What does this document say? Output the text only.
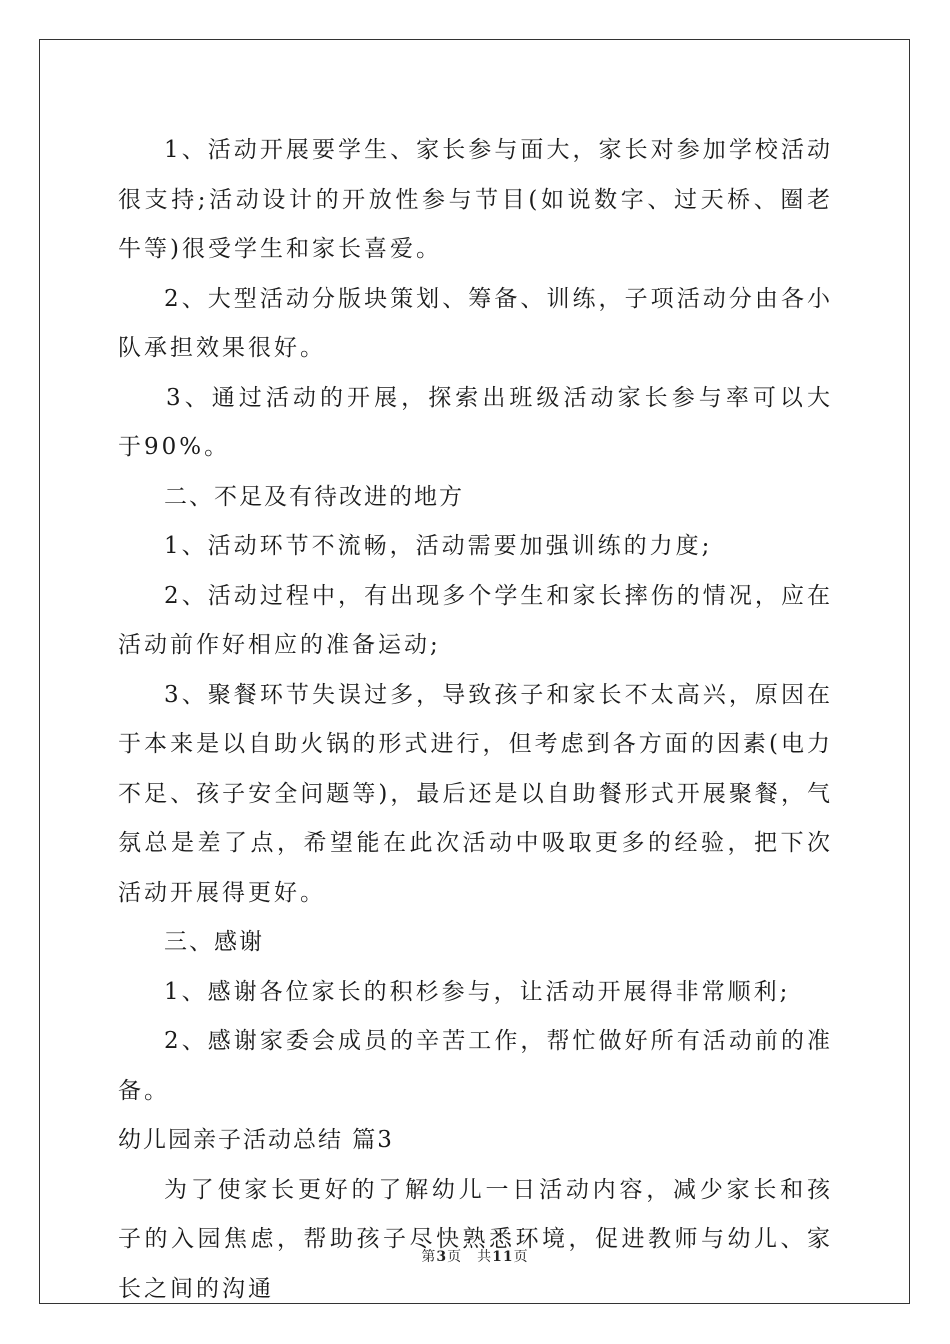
1、活动开展要学生、家长参与面大，家长对参加学校活动很支持;活动设计的开放性参与节目(如说数字、过天桥、圈老牛等)很受学生和家长喜爱。

2、大型活动分版块策划、筹备、训练，子项活动分由各小队承担效果很好。

3、通过活动的开展，探索出班级活动家长参与率可以大于90%。

二、不足及有待改进的地方

1、活动环节不流畅，活动需要加强训练的力度;

2、活动过程中，有出现多个学生和家长摔伤的情况，应在活动前作好相应的准备运动;

3、聚餐环节失误过多，导致孩子和家长不太高兴，原因在于本来是以自助火锅的形式进行，但考虑到各方面的因素(电力不足、孩子安全问题等)，最后还是以自助餐形式开展聚餐，气氛总是差了点，希望能在此次活动中吸取更多的经验，把下次活动开展得更好。

三、感谢

1、感谢各位家长的积杉参与，让活动开展得非常顺利;

2、感谢家委会成员的辛苦工作，帮忙做好所有活动前的准备。

幼儿园亲子活动总结 篇3

为了使家长更好的了解幼儿一日活动内容，减少家长和孩子的入园焦虑，帮助孩子尽快熟悉环境，促进教师与幼儿、家长之间的沟通

第3页　共11页
